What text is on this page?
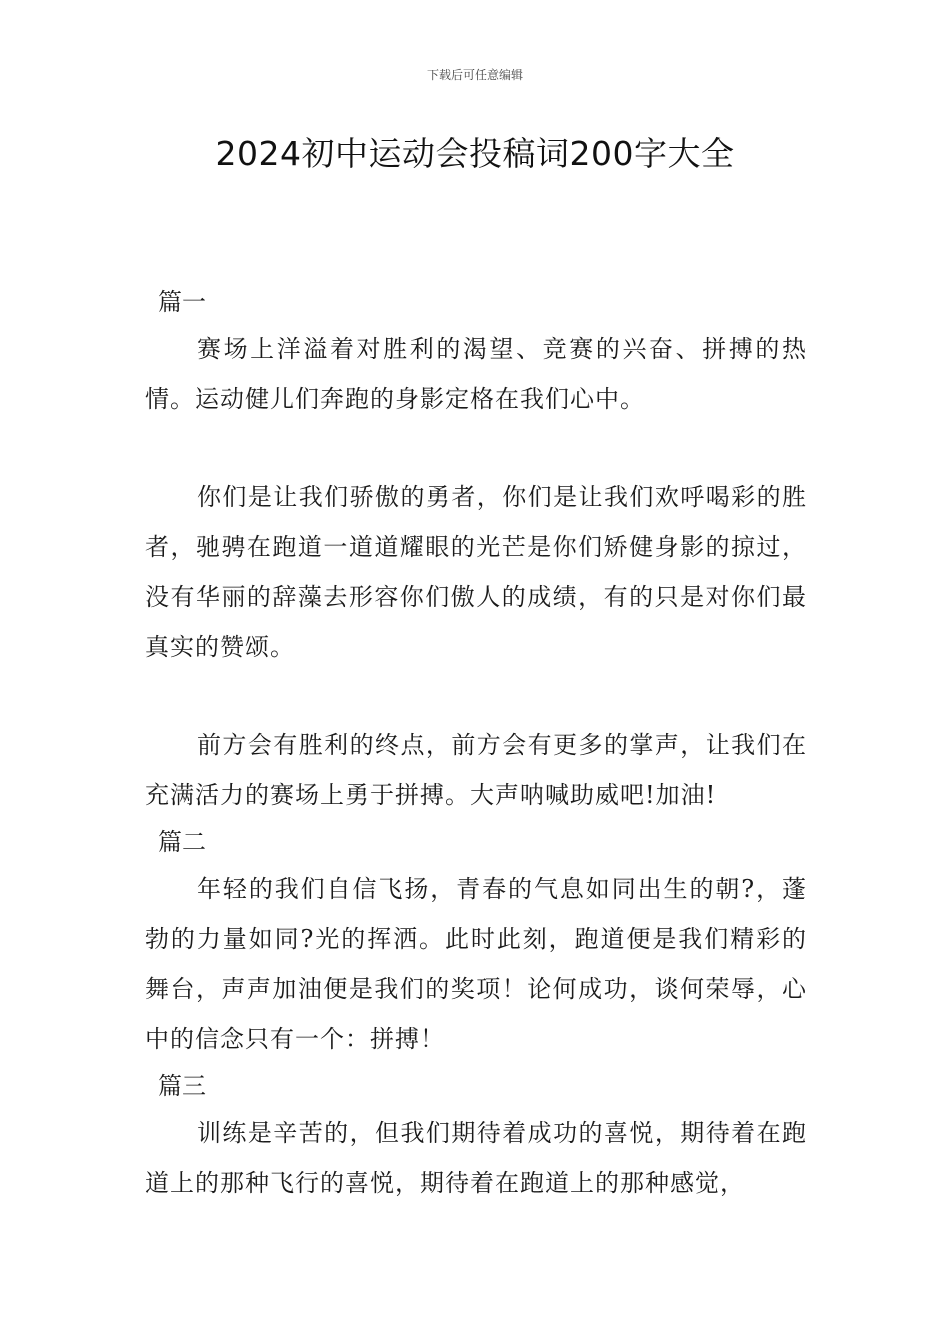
下载后可任意编辑
2024初中运动会投稿词200字大全
篇一

赛场上洋溢着对胜利的渴望、竞赛的兴奋、拼搏的热情。运动健儿们奔跑的身影定格在我们心中。

你们是让我们骄傲的勇者，你们是让我们欢呼喝彩的胜者，驰骋在跑道一道道耀眼的光芒是你们矫健身影的掠过，没有华丽的辞藻去形容你们傲人的成绩，有的只是对你们最真实的赞颂。

前方会有胜利的终点，前方会有更多的掌声，让我们在充满活力的赛场上勇于拼搏。大声呐喊助威吧!加油!

篇二

年轻的我们自信飞扬，青春的气息如同出生的朝?，蓬勃的力量如同?光的挥洒。此时此刻，跑道便是我们精彩的舞台，声声加油便是我们的奖项！论何成功，谈何荣辱，心中的信念只有一个：拼搏！

篇三

训练是辛苦的，但我们期待着成功的喜悦，期待着在跑道上的那种飞行的喜悦，期待着在跑道上的那种感觉，
